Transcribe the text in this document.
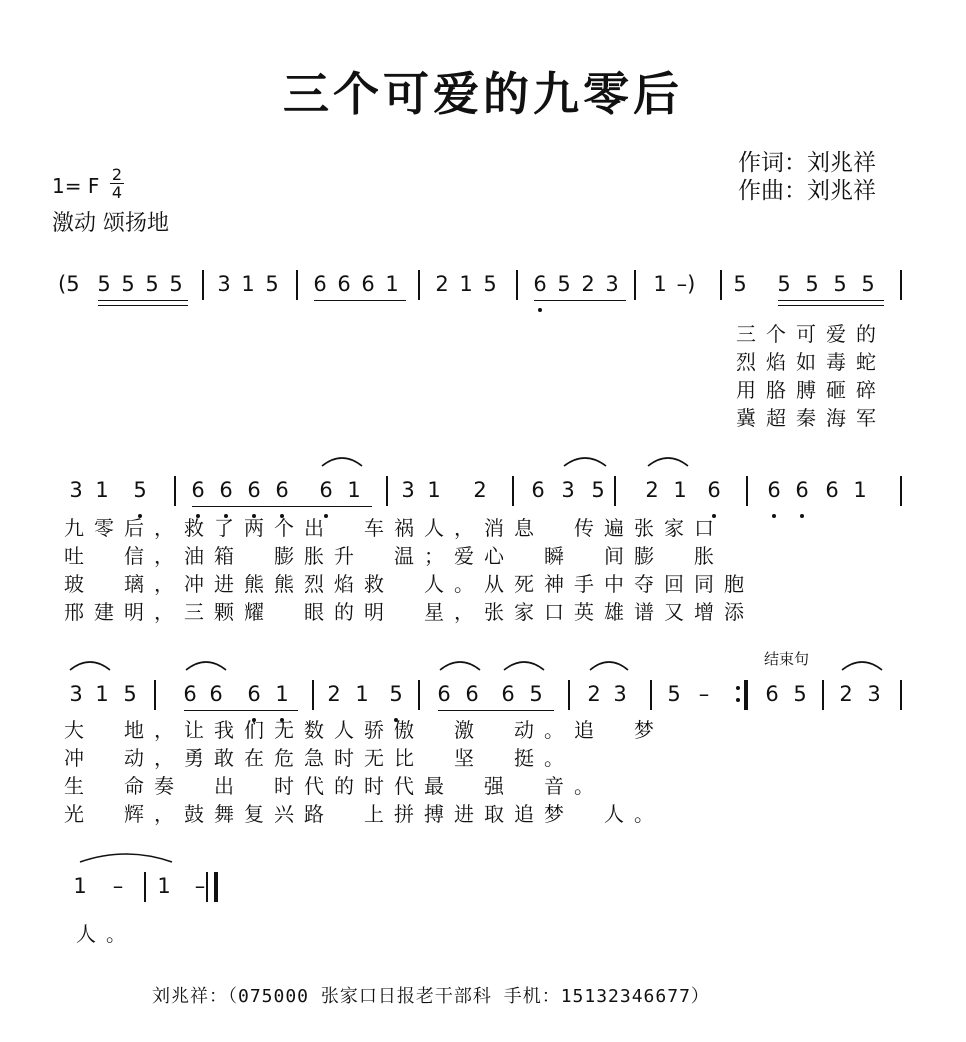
三个可爱的九零后
作词：刘兆祥
作曲：刘兆祥
1= F 2
4
激动 颂扬地
结束句
(5 5 5 5 5 3 1 5 6 6 6 1 2 1 5 6 5 2 3 1 –) 5 5 5 5 5
三个可爱的
烈焰如毒蛇
用胳膊砸碎
冀超秦海军
3 1 5 6 6 6 6 6 1 3 1 2 6 3 5 2 1 6 6 6 6 1
九零后，救了两个出　车祸人，消息　传遍张家口
吐　信，油箱　膨胀升　温；爱心　瞬　间膨　胀
玻　璃，冲进熊熊烈焰救　人。从死神手中夺回同胞
邢建明，三颗耀　眼的明　星，张家口英雄谱又增添
3 1 5 6 6 6 1 2 1 5 6 6 6 5 2 3 5 –	6 5 2 3
大　地，让我们无数人骄傲　激　动。追　梦
冲　动，勇敢在危急时无比　坚　挺。
生　命奏　出　时代的时代最　强　音。
光　辉，鼓舞复兴路　上拼搏进取追梦　人。
1 – 1 –
人。
刘兆祥：（075000 张家口日报老干部科 手机：15132346677）
